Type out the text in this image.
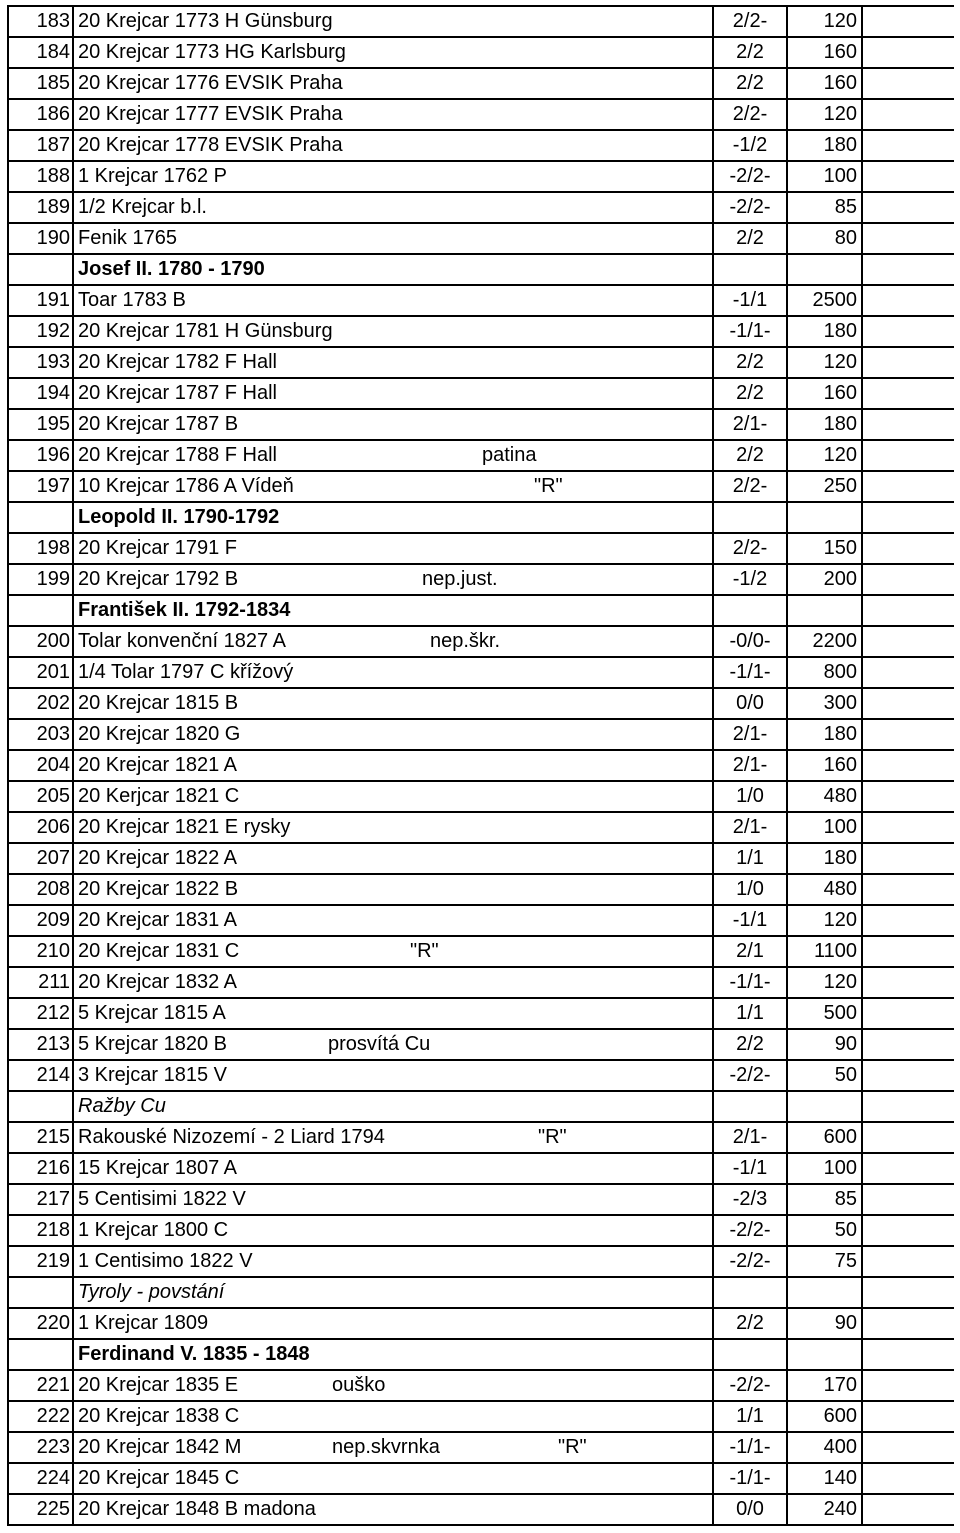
183 20 Krejcar 1773 H Günsburg	2/2-	120
184 20 Krejcar 1773 HG Karlsburg	2/2	160
185 20 Krejcar 1776 EVSIK Praha	2/2	160
186 20 Krejcar 1777 EVSIK Praha	2/2-	120
187 20 Krejcar 1778 EVSIK Praha	-1/2	180
188 1 Krejcar 1762 P	-2/2-	100
189 1/2 Krejcar b.l.	-2/2-	85
190 Fenik 1765	2/2	80
Josef II. 1780 - 1790
191 Toar 1783 B	-1/1	2500
192 20 Krejcar 1781 H Günsburg	-1/1-	180
193 20 Krejcar 1782 F Hall	2/2	120
194 20 Krejcar 1787 F Hall	2/2	160
195 20 Krejcar 1787 B	2/1-	180
196 20 Krejcar 1788 F Hall	patina	2/2	120
197 10 Krejcar 1786 A Vídeň	"R"	2/2-	250
Leopold II. 1790-1792
198 20 Krejcar 1791 F	2/2-	150
199 20 Krejcar 1792 B	nep.just.	-1/2	200
František II. 1792-1834
200 Tolar konvenční 1827 A	nep.škr.	-0/0-	2200
201 1/4 Tolar 1797 C křížový	-1/1-	800
202 20 Krejcar 1815 B	0/0	300
203 20 Krejcar 1820 G	2/1-	180
204 20 Krejcar 1821 A	2/1-	160
205 20 Kerjcar 1821 C	1/0	480
206 20 Krejcar 1821 E rysky	2/1-	100
207 20 Krejcar 1822 A	1/1	180
208 20 Krejcar 1822 B	1/0	480
209 20 Krejcar 1831 A	-1/1	120
210 20 Krejcar 1831 C	"R"	2/1	1100
211 20 Krejcar 1832 A	-1/1-	120
212 5 Krejcar 1815 A	1/1	500
213 5 Krejcar 1820 B	prosvítá Cu	2/2	90
214 3 Krejcar 1815 V	-2/2-	50
Ražby Cu
215 Rakouské Nizozemí - 2 Liard 1794	"R"	2/1-	600
216 15 Krejcar 1807 A	-1/1	100
217 5 Centisimi 1822 V	-2/3	85
218 1 Krejcar 1800 C	-2/2-	50
219 1 Centisimo 1822 V	-2/2-	75
Tyroly - povstání
220 1 Krejcar 1809	2/2	90
Ferdinand V. 1835 - 1848
221 20 Krejcar 1835 E	ouško	-2/2-	170
222 20 Krejcar 1838 C	1/1	600
223 20 Krejcar 1842 M	nep.skvrnka	"R"	-1/1-	400
224 20 Krejcar 1845 C	-1/1-	140
225 20 Krejcar 1848 B madona	0/0	240
